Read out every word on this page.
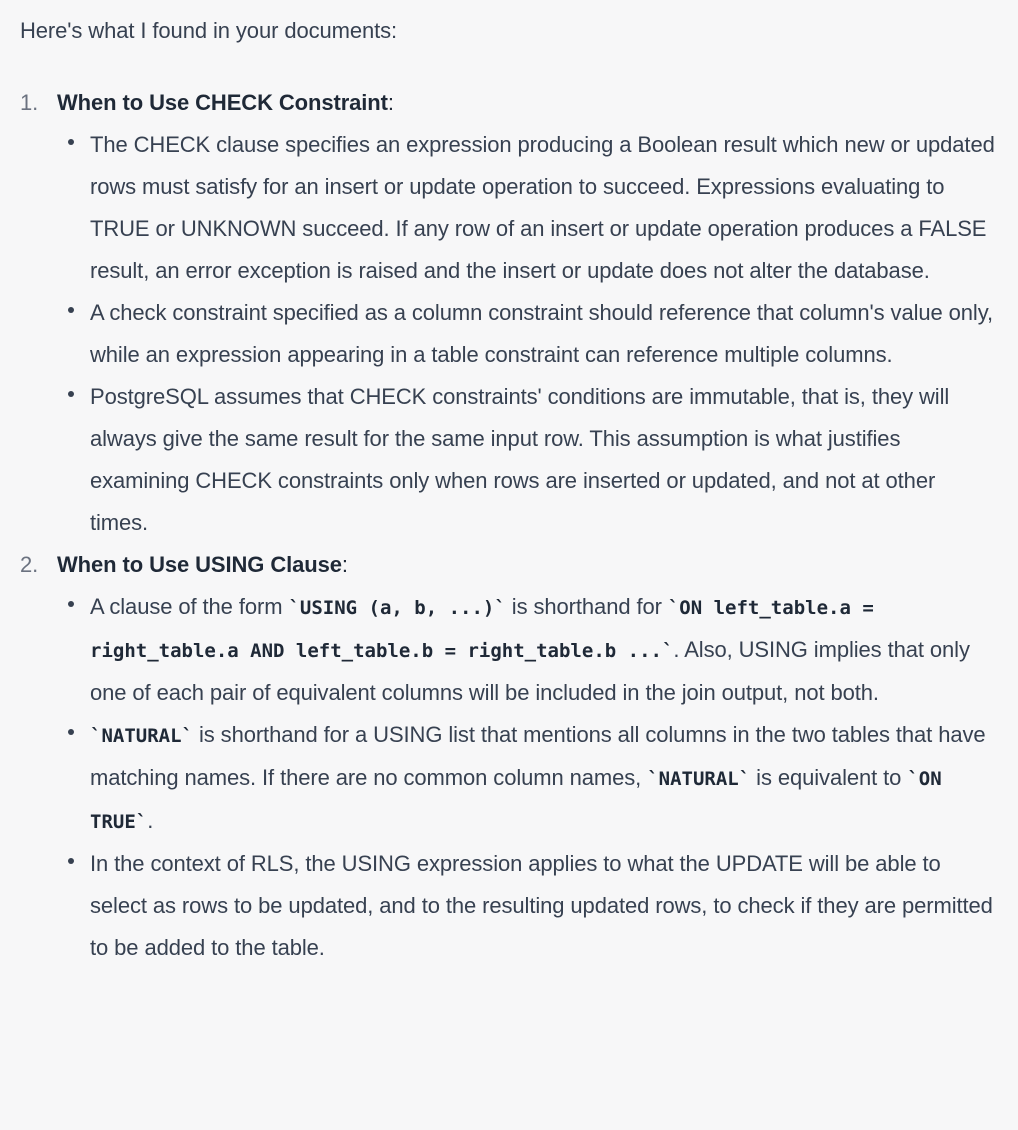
Here's what I found in your documents:

1. When to Use CHECK Constraint:
The CHECK clause specifies an expression producing a Boolean result which new or updated rows must satisfy for an insert or update operation to succeed. Expressions evaluating to TRUE or UNKNOWN succeed. If any row of an insert or update operation produces a FALSE result, an error exception is raised and the insert or update does not alter the database.
A check constraint specified as a column constraint should reference that column's value only, while an expression appearing in a table constraint can reference multiple columns.
PostgreSQL assumes that CHECK constraints' conditions are immutable, that is, they will always give the same result for the same input row. This assumption is what justifies examining CHECK constraints only when rows are inserted or updated, and not at other times.
2. When to Use USING Clause:
A clause of the form `USING (a, b, ...)` is shorthand for `ON left_table.a = right_table.a AND left_table.b = right_table.b ...`. Also, USING implies that only one of each pair of equivalent columns will be included in the join output, not both.
`NATURAL` is shorthand for a USING list that mentions all columns in the two tables that have matching names. If there are no common column names, `NATURAL` is equivalent to `ON TRUE`.
In the context of RLS, the USING expression applies to what the UPDATE will be able to select as rows to be updated, and to the resulting updated rows, to check if they are permitted to be added to the table.
